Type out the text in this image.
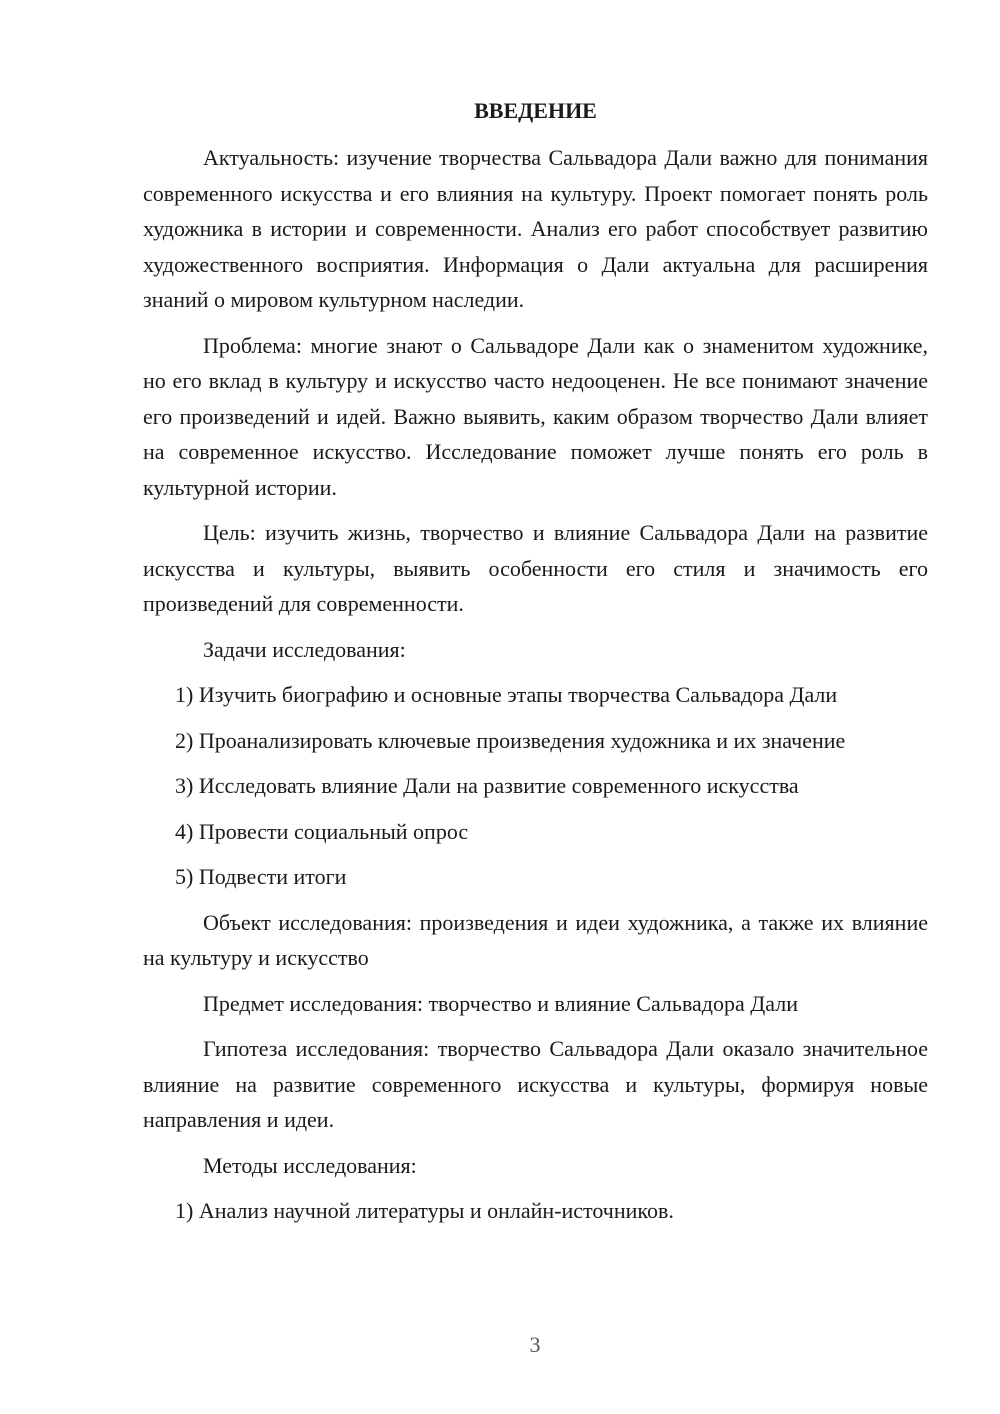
ВВЕДЕНИЕ

Актуальность: изучение творчества Сальвадора Дали важно для понимания современного искусства и его влияния на культуру. Проект помогает понять роль художника в истории и современности. Анализ его работ способствует развитию художественного восприятия. Информация о Дали актуальна для расширения знаний о мировом культурном наследии.

Проблема: многие знают о Сальвадоре Дали как о знаменитом художнике, но его вклад в культуру и искусство часто недооценен. Не все понимают значение его произведений и идей. Важно выявить, каким образом творчество Дали влияет на современное искусство. Исследование поможет лучше понять его роль в культурной истории.

Цель: изучить жизнь, творчество и влияние Сальвадора Дали на развитие искусства и культуры, выявить особенности его стиля и значимость его произведений для современности.

Задачи исследования:

1) Изучить биографию и основные этапы творчества Сальвадора Дали

2) Проанализировать ключевые произведения художника и их значение

3) Исследовать влияние Дали на развитие современного искусства

4) Провести социальный опрос

5) Подвести итоги

Объект исследования: произведения и идеи художника, а также их влияние на культуру и искусство

Предмет исследования: творчество и влияние Сальвадора Дали

Гипотеза исследования: творчество Сальвадора Дали оказало значительное влияние на развитие современного искусства и культуры, формируя новые направления и идеи.

Методы исследования:

1) Анализ научной литературы и онлайн-источников.

3
